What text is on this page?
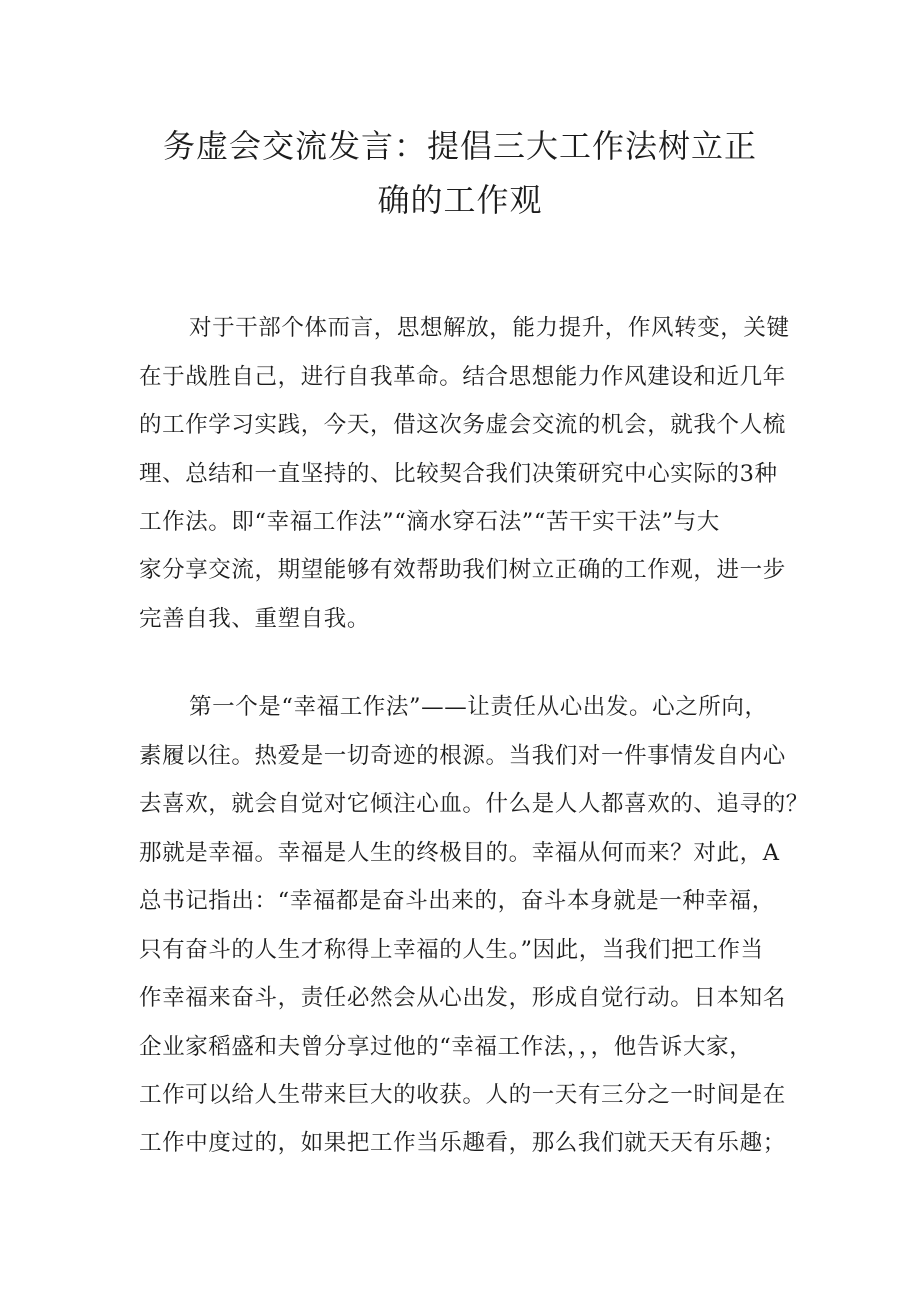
务虚会交流发言：提倡三大工作法树立正
确的工作观
对于干部个体而言，思想解放，能力提升，作风转变，关键
在于战胜自己，进行自我革命。结合思想能力作风建设和近几年
的工作学习实践，今天，借这次务虚会交流的机会，就我个人梳
理、总结和一直坚持的、比较契合我们决策研究中心实际的3种
工作法。即“幸福工作法”“滴水穿石法”“苦干实干法”与大
家分享交流，期望能够有效帮助我们树立正确的工作观，进一步
完善自我、重塑自我。
第一个是“幸福工作法”——让责任从心出发。心之所向，
素履以往。热爱是一切奇迹的根源。当我们对一件事情发自内心
去喜欢，就会自觉对它倾注心血。什么是人人都喜欢的、追寻的？
那就是幸福。幸福是人生的终极目的。幸福从何而来？对此，A
总书记指出：“幸福都是奋斗出来的，奋斗本身就是一种幸福，
只有奋斗的人生才称得上幸福的人生。”因此，当我们把工作当
作幸福来奋斗，责任必然会从心出发，形成自觉行动。日本知名
企业家稻盛和夫曾分享过他的“幸福工作法，，，他告诉大家，
工作可以给人生带来巨大的收获。人的一天有三分之一时间是在
工作中度过的，如果把工作当乐趣看，那么我们就天天有乐趣；
